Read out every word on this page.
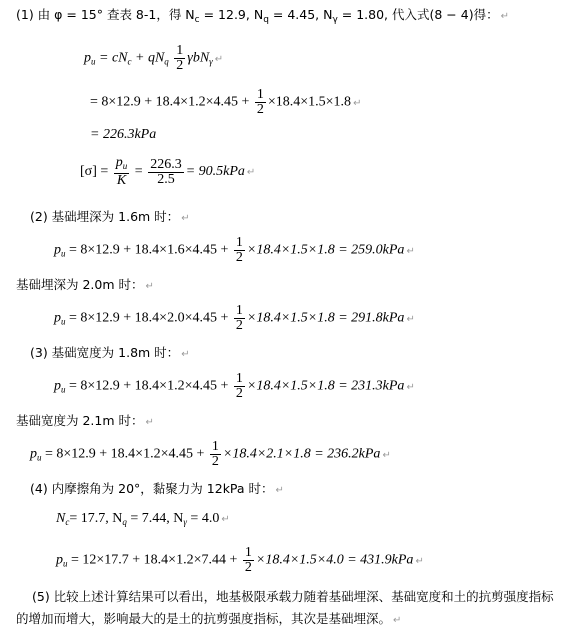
(1) 由 φ = 15° 查表 8-1，得 $N_c = 12.9$, $N_q = 4.45$, $N_\gamma = 1.80$, 代入式(8 − 4)得： ↵
$p_u = cN_c + qN_q \frac{1}{2} \gamma bN_\gamma$ ↵
= $8\times 12.9 + 18.4\times 1.2\times 4.45 + \frac{1}{2} \times 18.4\times 1.5\times 1.8$ ↵
= 226.3kPa
$[\sigma] = \frac{p_u}{K} = \frac{226.3}{2.5} = 90.5kPa$ ↵
(2) 基础埋深为 1.6m 时： ↵
$p_u = 8\times 12.9 + 18.4\times 1.6\times 4.45 + \frac{1}{2} \times 18.4\times 1.5\times 1.8 = 259.0kPa$ ↵
基础埋深为 2.0m 时： ↵
$p_u = 8\times 12.9 + 18.4\times 2.0\times 4.45 + \frac{1}{2} \times 18.4\times 1.5\times 1.8 = 291.8kPa$ ↵
(3) 基础宽度为 1.8m 时： ↵
$p_u = 8\times 12.9 + 18.4\times 1.2\times 4.45 + \frac{1}{2} \times 18.4\times 1.5\times 1.8 = 231.3kPa$ ↵
基础宽度为 2.1m 时： ↵
$p_u = 8\times 12.9 + 18.4\times 1.2\times 4.45 + \frac{1}{2} \times 18.4\times 2.1\times 1.8 = 236.2kPa$ ↵
(4) 内摩擦角为 20°，黏聚力为 12kPa 时： ↵
$N_c= 17.7$, $N_q = 7.44$, $N_\gamma = 4.0$ ↵
$p_u = 12\times 17.7 + 18.4\times 1.2\times 7.44 + \frac{1}{2} \times 18.4\times 1.5\times 4.0 = 431.9kPa$ ↵
(5) 比较上述计算结果可以看出，地基极限承载力随着基础埋深、基础宽度和土的抗剪强度指标的增加而增大，影响最大的是土的抗剪强度指标，其次是基础埋深。 ↵
